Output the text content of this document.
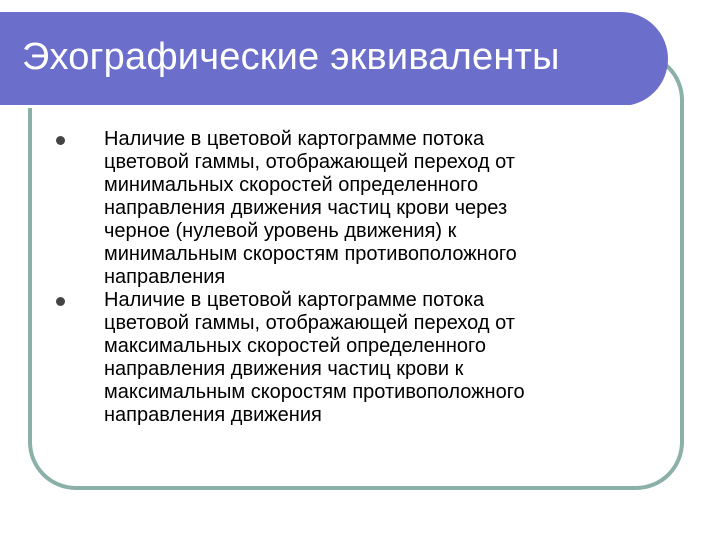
Эхографические эквиваленты
Наличие в цветовой картограмме потока
цветовой гаммы, отображающей переход от
минимальных скоростей определенного
направления движения частиц крови через
черное (нулевой уровень движения) к
минимальным скоростям противоположного
направления
Наличие в цветовой картограмме потока
цветовой гаммы, отображающей переход от
максимальных скоростей определенного
направления движения частиц крови к
максимальным скоростям противоположного
направления движения
